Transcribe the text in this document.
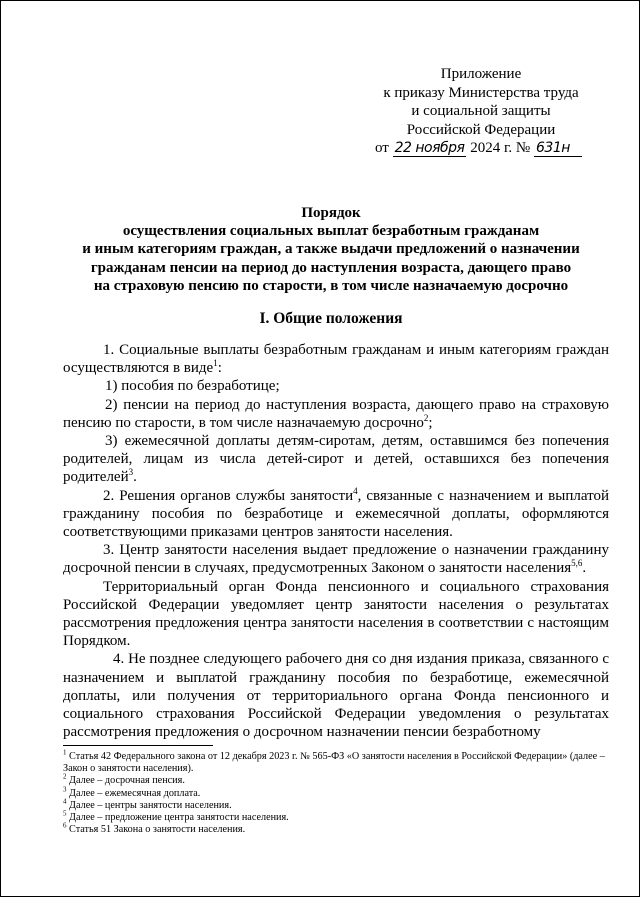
Приложение
к приказу Министерства труда
и социальной защиты
Российской Федерации
от 22 ноября 2024 г. № 631н
Порядок
осуществления социальных выплат безработным гражданам
и иным категориям граждан, а также выдачи предложений о назначении
гражданам пенсии на период до наступления возраста, дающего право
на страховую пенсию по старости, в том числе назначаемую досрочно
I. Общие положения

1. Социальные выплаты безработным гражданам и иным категориям граждан осуществляются в виде$^1$:

1) пособия по безработице;

2) пенсии на период до наступления возраста, дающего право на страховую пенсию по старости, в том числе назначаемую досрочно$^2$;

3) ежемесячной доплаты детям-сиротам, детям, оставшимся без попечения родителей, лицам из числа детей-сирот и детей, оставшихся без попечения родителей$^3$.

2. Решения органов службы занятости$^4$, связанные с назначением и выплатой гражданину пособия по безработице и ежемесячной доплаты, оформляются соответствующими приказами центров занятости населения.

3. Центр занятости населения выдает предложение о назначении гражданину досрочной пенсии в случаях, предусмотренных Законом о занятости населения$^{5,6}$.

Территориальный орган Фонда пенсионного и социального страхования Российской Федерации уведомляет центр занятости населения о результатах рассмотрения предложения центра занятости населения в соответствии с настоящим Порядком.

4. Не позднее следующего рабочего дня со дня издания приказа, связанного с назначением и выплатой гражданину пособия по безработице, ежемесячной доплаты, или получения от территориального органа Фонда пенсионного и социального страхования Российской Федерации уведомления о результатах рассмотрения предложения о досрочном назначении пенсии безработному

$^1$ Статья 42 Федерального закона от 12 декабря 2023 г. № 565-ФЗ «О занятости населения в Российской Федерации» (далее – Закон о занятости населения).
$^2$ Далее – досрочная пенсия.
$^3$ Далее – ежемесячная доплата.
$^4$ Далее – центры занятости населения.
$^5$ Далее – предложение центра занятости населения.
$^6$ Статья 51 Закона о занятости населения.
